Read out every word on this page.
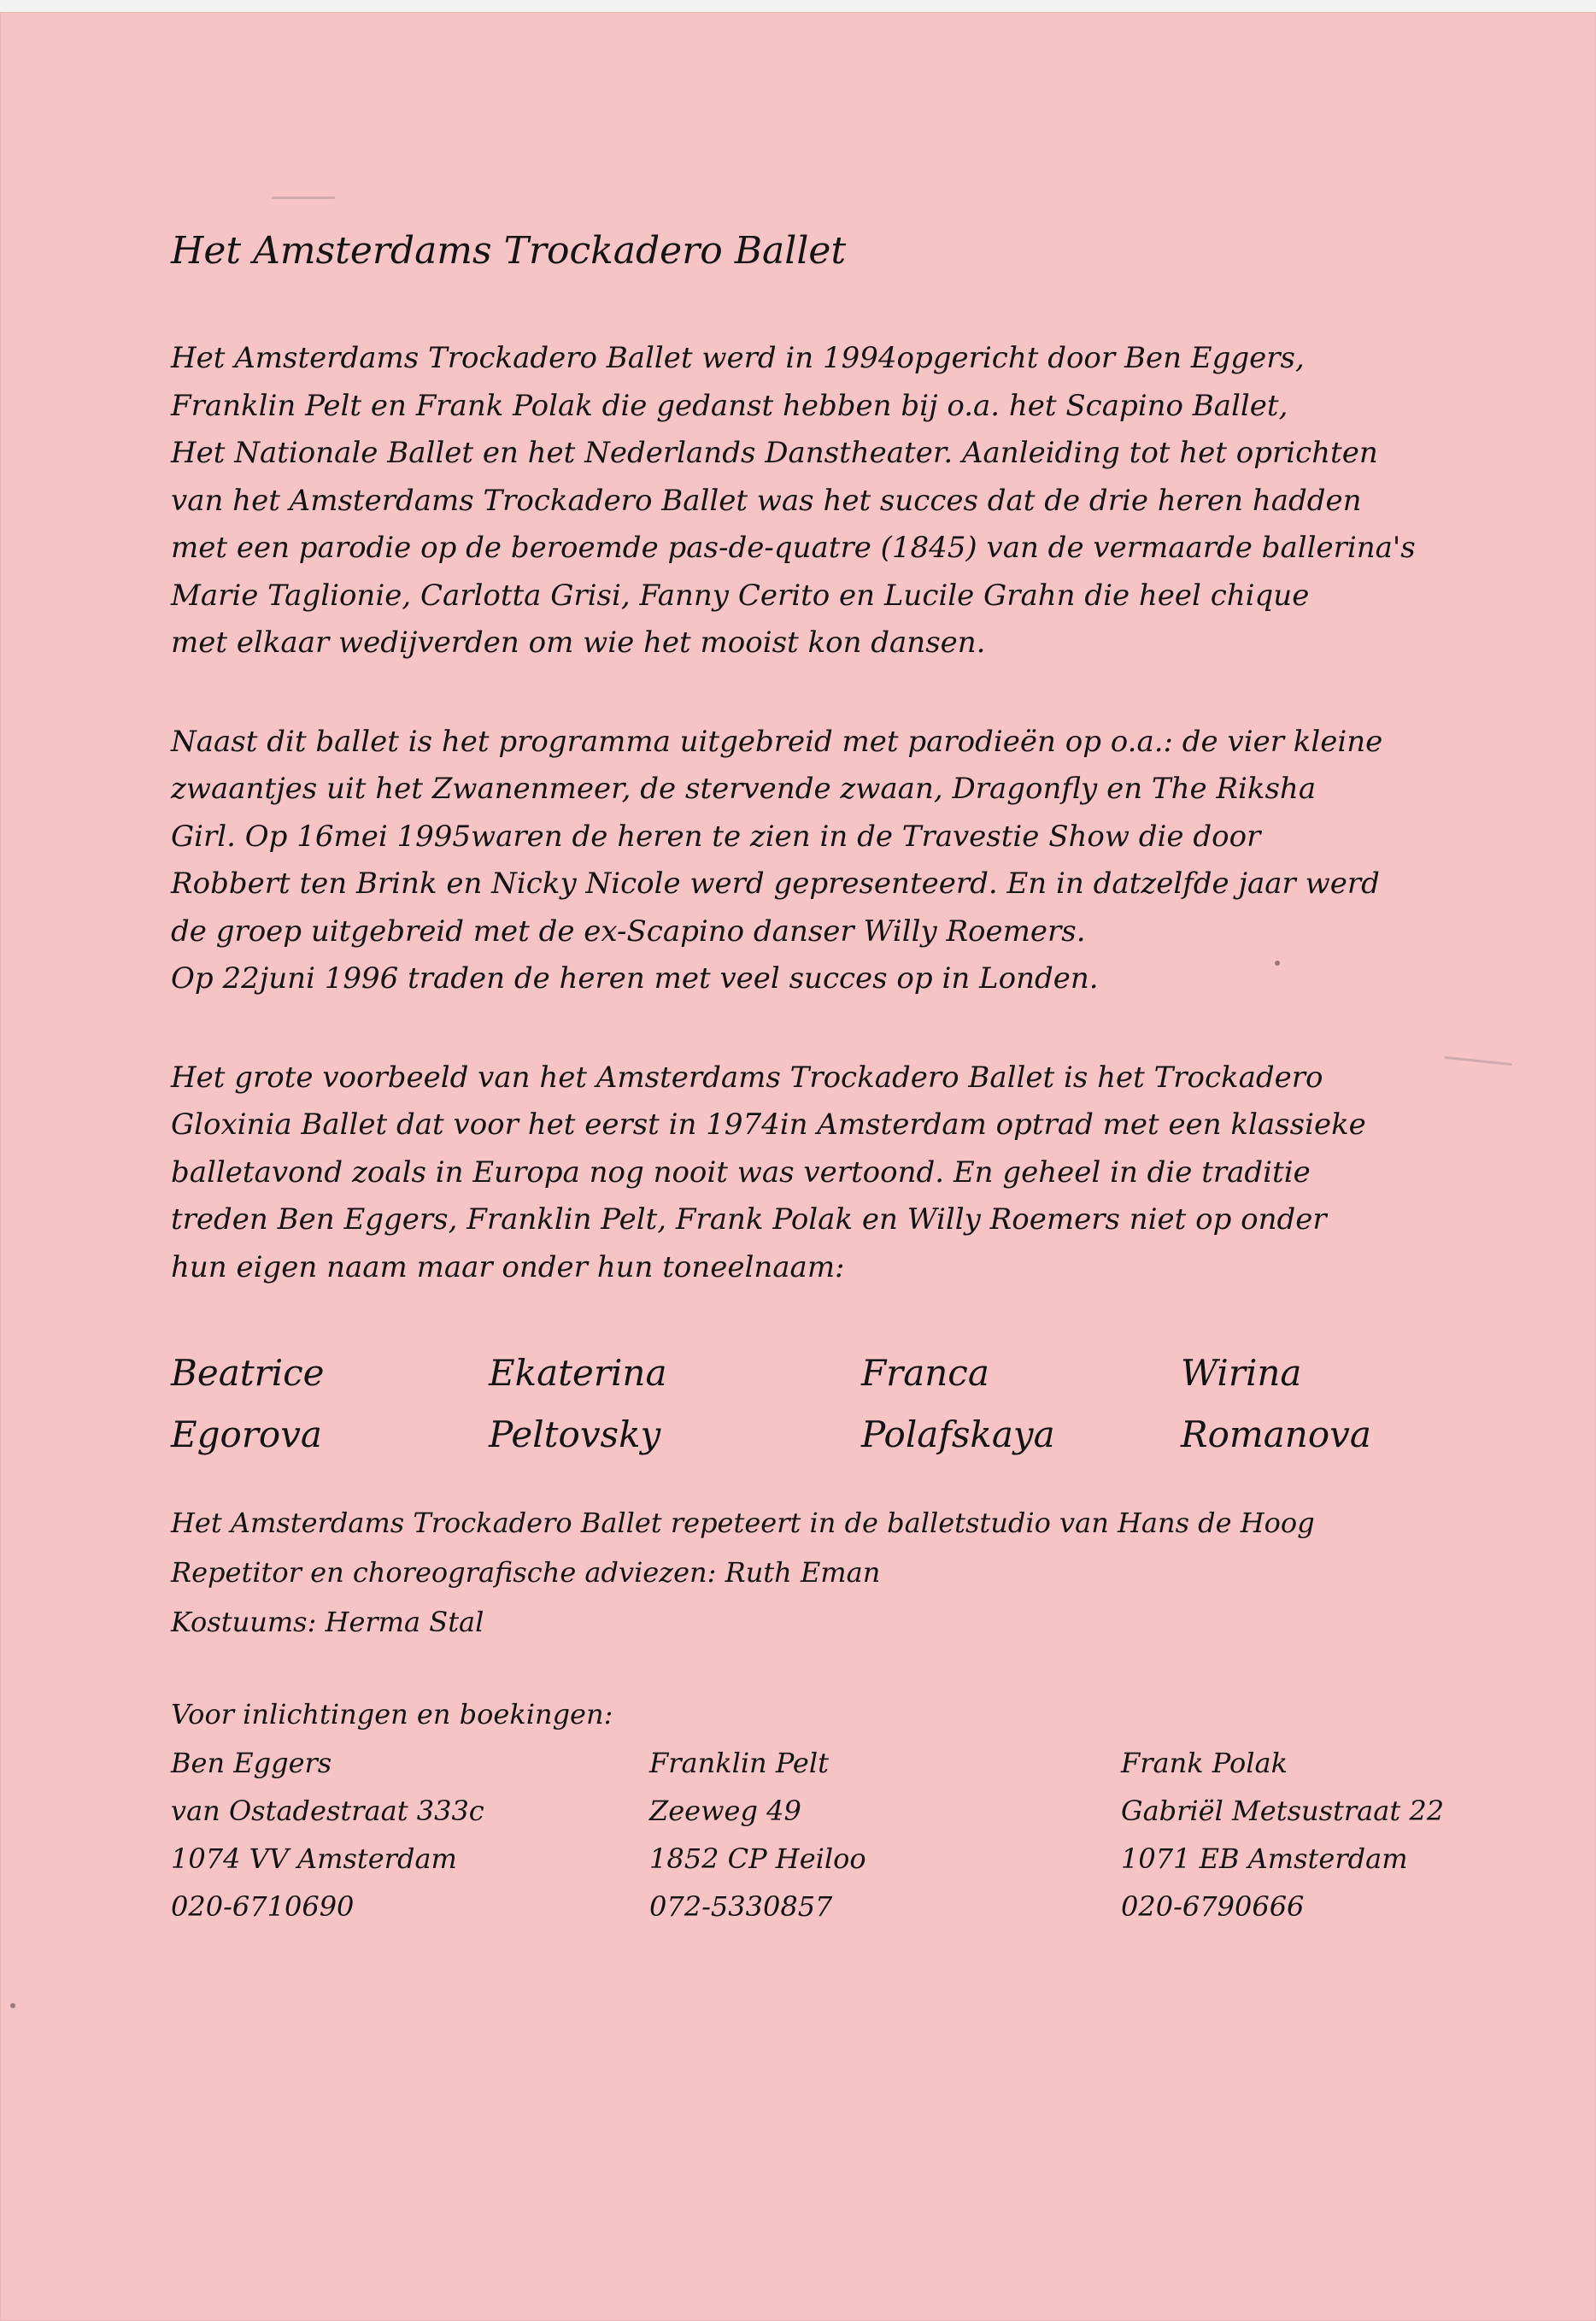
Het Amsterdams Trockadero Ballet
Het Amsterdams Trockadero Ballet werd in 1994opgericht door Ben Eggers,
Franklin Pelt en Frank Polak die gedanst hebben bij o.a. het Scapino Ballet,
Het Nationale Ballet en het Nederlands Danstheater. Aanleiding tot het oprichten
van het Amsterdams Trockadero Ballet was het succes dat de drie heren hadden
met een parodie op de beroemde pas-de-quatre (1845) van de vermaarde ballerina's
Marie Taglionie, Carlotta Grisi, Fanny Cerito en Lucile Grahn die heel chique
met elkaar wedijverden om wie het mooist kon dansen.
Naast dit ballet is het programma uitgebreid met parodieën op o.a.: de vier kleine
zwaantjes uit het Zwanenmeer, de stervende zwaan, Dragonfly en The Riksha
Girl. Op 16mei 1995waren de heren te zien in de Travestie Show die door
Robbert ten Brink en Nicky Nicole werd gepresenteerd. En in datzelfde jaar werd
de groep uitgebreid met de ex-Scapino danser Willy Roemers.
Op 22juni 1996 traden de heren met veel succes op in Londen.
Het grote voorbeeld van het Amsterdams Trockadero Ballet is het Trockadero
Gloxinia Ballet dat voor het eerst in 1974in Amsterdam optrad met een klassieke
balletavond zoals in Europa nog nooit was vertoond. En geheel in die traditie
treden Ben Eggers, Franklin Pelt, Frank Polak en Willy Roemers niet op onder
hun eigen naam maar onder hun toneelnaam:
Beatrice
Egorova
Ekaterina
Peltovsky
Franca
Polafskaya
Wirina
Romanova
Het Amsterdams Trockadero Ballet repeteert in de balletstudio van Hans de Hoog
Repetitor en choreografische adviezen: Ruth Eman
Kostuums: Herma Stal
Voor inlichtingen en boekingen:
Ben Eggers
van Ostadestraat 333c
1074 VV Amsterdam
020-6710690
Franklin Pelt
Zeeweg 49
1852 CP Heiloo
072-5330857
Frank Polak
Gabriël Metsustraat 22
1071 EB Amsterdam
020-6790666
